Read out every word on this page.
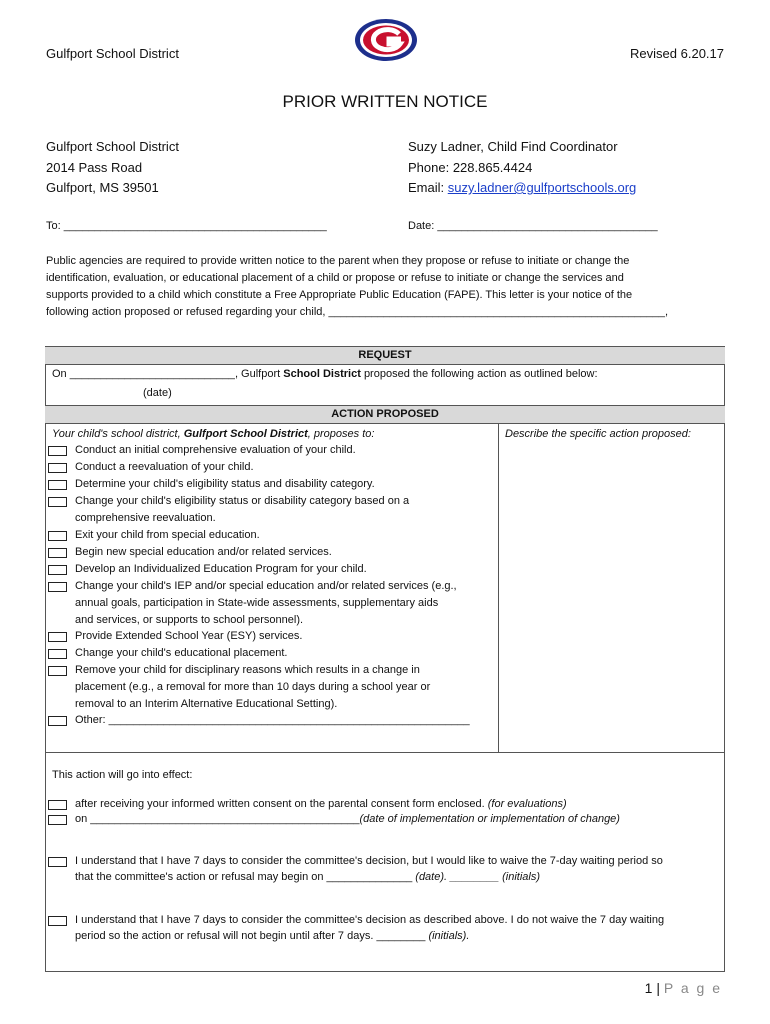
Gulfport School District	Revised 6.20.17
PRIOR WRITTEN NOTICE
Gulfport School District
2014 Pass Road
Gulfport, MS 39501
Suzy Ladner, Child Find Coordinator
Phone: 228.865.4424
Email: suzy.ladner@gulfportschools.org
To: ___________________________________________	Date: ____________________________________
Public agencies are required to provide written notice to the parent when they propose or refuse to initiate or change the
identification, evaluation, or educational placement of a child or propose or refuse to initiate or change the services and
supports provided to a child which constitute a Free Appropriate Public Education (FAPE). This letter is your notice of the
following action proposed or refused regarding your child, _______________________________________________________,
REQUEST
On ___________________________, Gulfport School District proposed the following action as outlined below:
(date)
ACTION PROPOSED
Your child's school district, Gulfport School District, proposes to:	Describe the specific action proposed:
Conduct an initial comprehensive evaluation of your child.
Conduct a reevaluation of your child.
Determine your child's eligibility status and disability category.
Change your child's eligibility status or disability category based on a
comprehensive reevaluation.
Exit your child from special education.
Begin new special education and/or related services.
Develop an Individualized Education Program for your child.
Change your child's IEP and/or special education and/or related services (e.g.,
annual goals, participation in State-wide assessments, supplementary aids
and services, or supports to school personnel).
Provide Extended School Year (ESY) services.
Change your child's educational placement.
Remove your child for disciplinary reasons which results in a change in
placement (e.g., a removal for more than 10 days during a school year or
removal to an Interim Alternative Educational Setting).
Other: ___________________________________________________________
This action will go into effect:
after receiving your informed written consent on the parental consent form enclosed. (for evaluations)
on ____________________________________________(date of implementation or implementation of change)
I understand that I have 7 days to consider the committee's decision, but I would like to waive the 7-day waiting period so
that the committee's action or refusal may begin on ______________ (date). ________ (initials)
I understand that I have 7 days to consider the committee's decision as described above. I do not waive the 7 day waiting
period so the action or refusal will not begin until after 7 days. ________ (initials).
1 | P a g e
